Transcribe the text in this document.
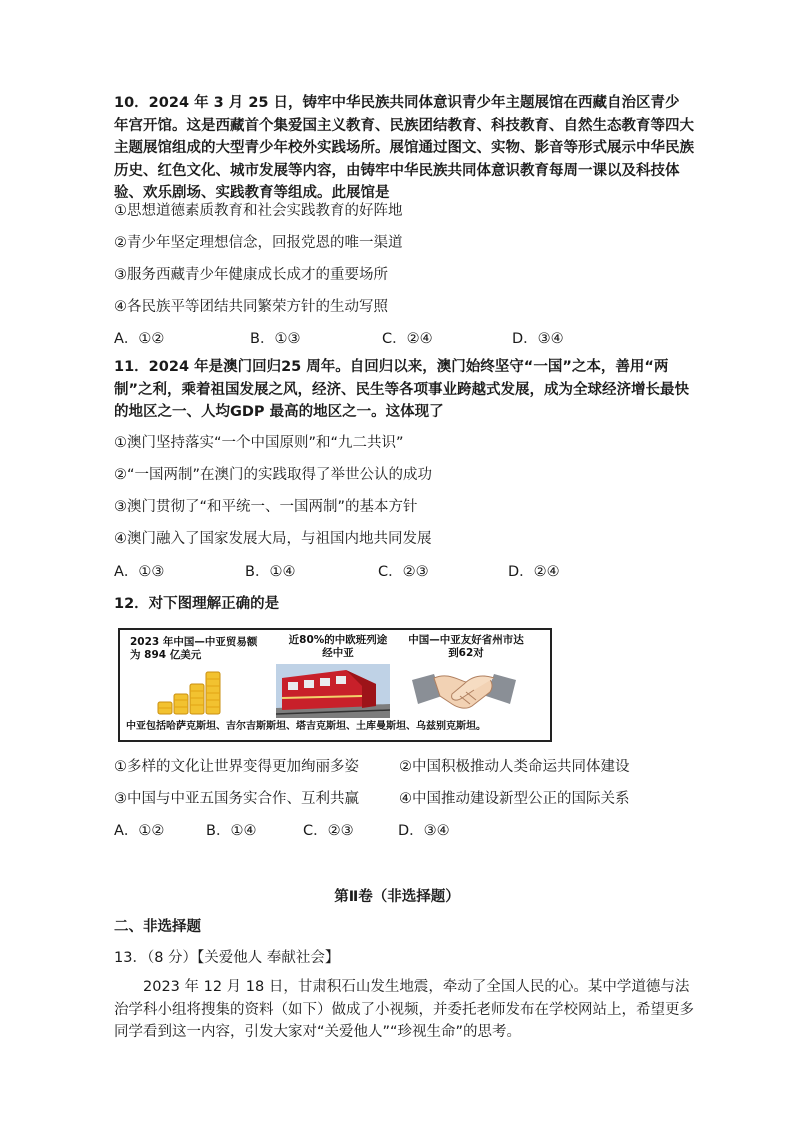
10．2024 年 3 月 25 日，铸牢中华民族共同体意识青少年主题展馆在西藏自治区青少年宫开馆。这是西藏首个集爱国主义教育、民族团结教育、科技教育、自然生态教育等四大主题展馆组成的大型青少年校外实践场所。展馆通过图文、实物、影音等形式展示中华民族历史、红色文化、城市发展等内容，由铸牢中华民族共同体意识教育每周一课以及科技体验、欢乐剧场、实践教育等组成。此展馆是
①思想道德素质教育和社会实践教育的好阵地
②青少年坚定理想信念，回报党恩的唯一渠道
③服务西藏青少年健康成长成才的重要场所
④各民族平等团结共同繁荣方针的生动写照
A．①②	B．①③	C．②④	D．③④
11．2024 年是澳门回归25 周年。自回归以来，澳门始终坚守“一国”之本，善用“两制”之利，乘着祖国发展之风，经济、民生等各项事业跨越式发展，成为全球经济增长最快的地区之一、人均GDP 最高的地区之一。这体现了
①澳门坚持落实“一个中国原则”和“九二共识”
②“一国两制”在澳门的实践取得了举世公认的成功
③澳门贯彻了“和平统一、一国两制”的基本方针
④澳门融入了国家发展大局，与祖国内地共同发展
A．①③	B．①④	C．②③	D．②④
12．对下图理解正确的是
2023 年中国—中亚贸易额为 894 亿美元
近80%的中欧班列途经中亚
中国—中亚友好省州市达到62对
中亚包括哈萨克斯坦、吉尔吉斯斯坦、塔吉克斯坦、土库曼斯坦、乌兹别克斯坦。
①多样的文化让世界变得更加绚丽多姿	②中国积极推动人类命运共同体建设
③中国与中亚五国务实合作、互利共赢	④中国推动建设新型公正的国际关系
A．①②	B．①④	C．②③	D．③④
第Ⅱ卷（非选择题）
二、非选择题
13．（8 分）【关爱他人 奉献社会】
2023 年 12 月 18 日，甘肃积石山发生地震，牵动了全国人民的心。某中学道德与法治学科小组将搜集的资料（如下）做成了小视频，并委托老师发布在学校网站上，希望更多同学看到这一内容，引发大家对“关爱他人”“珍视生命”的思考。
